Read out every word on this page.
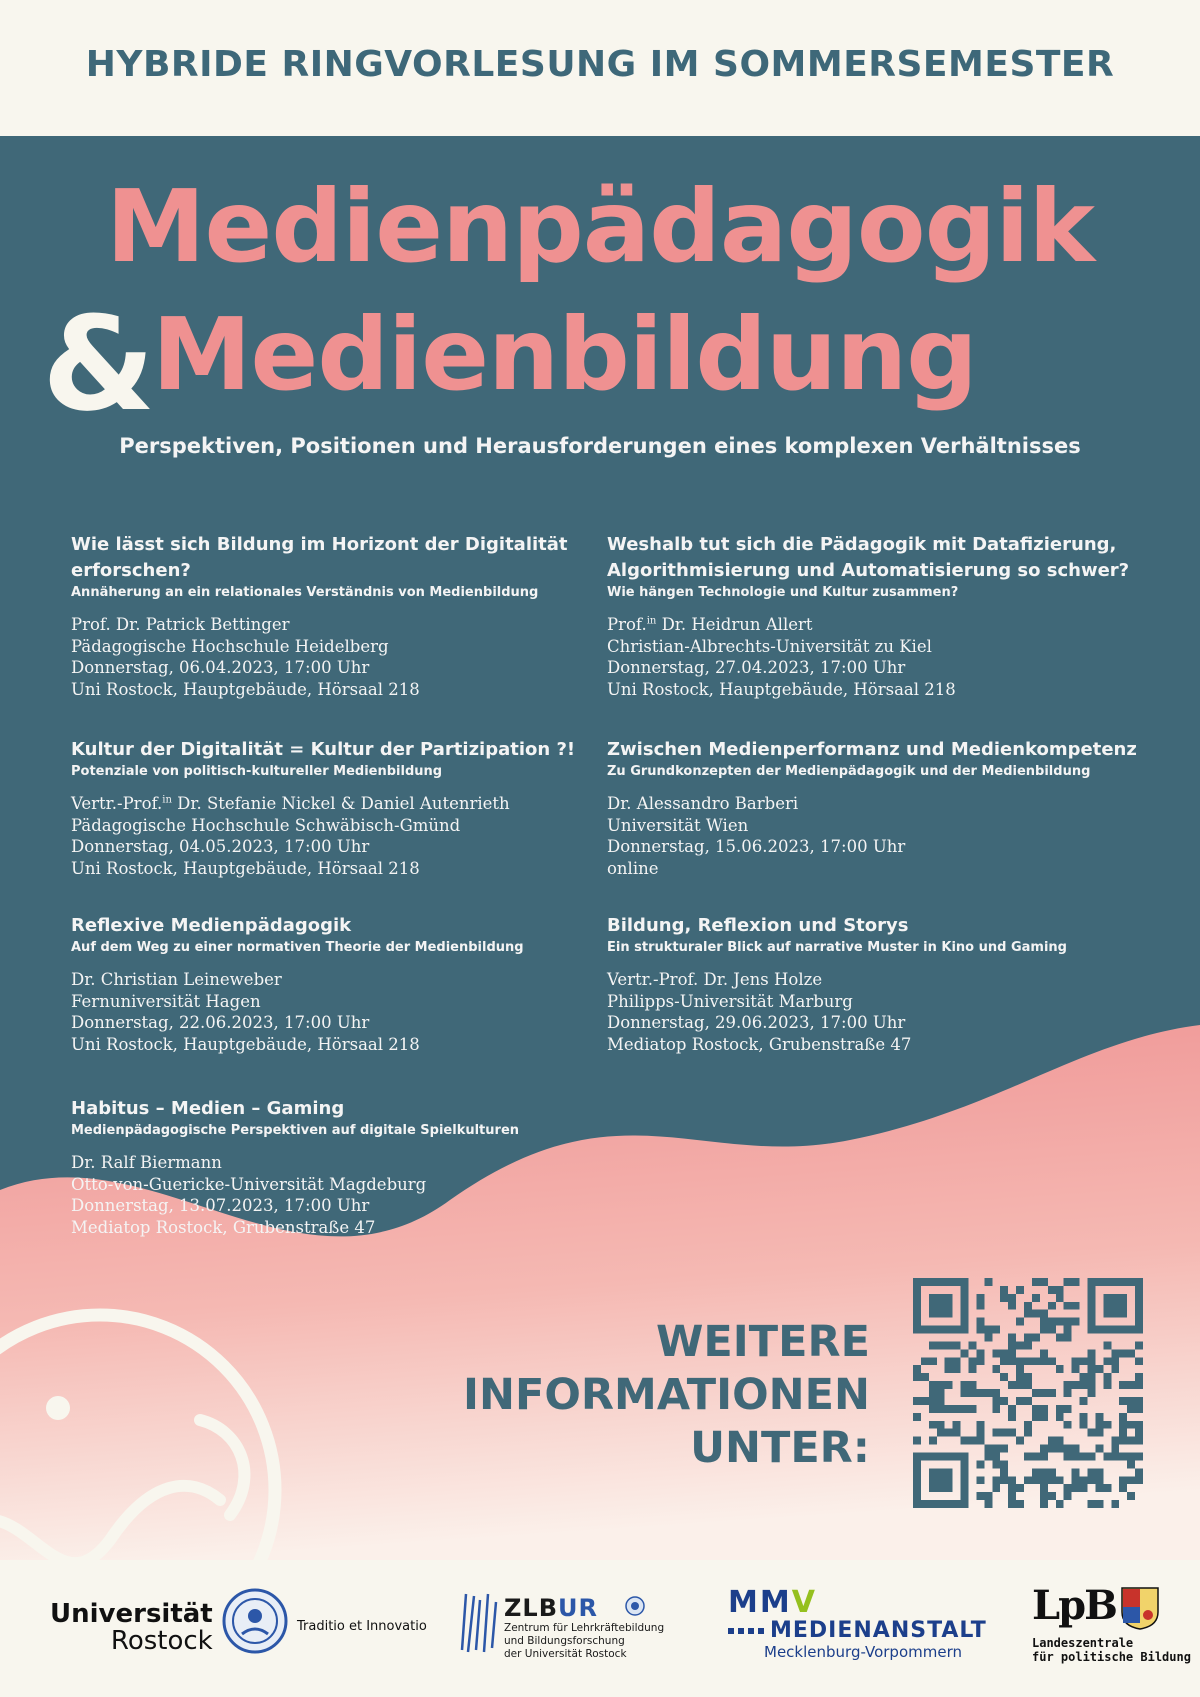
HYBRIDE RINGVORLESUNG IM SOMMERSEMESTER
Medienpädagogik
&
Medienbildung
Perspektiven, Positionen und Herausforderungen eines komplexen Verhältnisses
Wie lässt sich Bildung im Horizont der Digitalität
erforschen?
Annäherung an ein relationales Verständnis von Medienbildung
Prof. Dr. Patrick Bettinger
Pädagogische Hochschule Heidelberg
Donnerstag, 06.04.2023, 17:00 Uhr
Uni Rostock, Hauptgebäude, Hörsaal 218
Weshalb tut sich die Pädagogik mit Datafizierung,
Algorithmisierung und Automatisierung so schwer?
Wie hängen Technologie und Kultur zusammen?
Prof.$^{in}$ Dr. Heidrun Allert
Christian-Albrechts-Universität zu Kiel
Donnerstag, 27.04.2023, 17:00 Uhr
Uni Rostock, Hauptgebäude, Hörsaal 218
Kultur der Digitalität = Kultur der Partizipation ?!
Potenziale von politisch-kultureller Medienbildung
Vertr.-Prof.$^{in}$ Dr. Stefanie Nickel & Daniel Autenrieth
Pädagogische Hochschule Schwäbisch-Gmünd
Donnerstag, 04.05.2023, 17:00 Uhr
Uni Rostock, Hauptgebäude, Hörsaal 218
Zwischen Medienperformanz und Medienkompetenz
Zu Grundkonzepten der Medienpädagogik und der Medienbildung
Dr. Alessandro Barberi
Universität Wien
Donnerstag, 15.06.2023, 17:00 Uhr
online
Reflexive Medienpädagogik
Auf dem Weg zu einer normativen Theorie der Medienbildung
Dr. Christian Leineweber
Fernuniversität Hagen
Donnerstag, 22.06.2023, 17:00 Uhr
Uni Rostock, Hauptgebäude, Hörsaal 218
Bildung, Reflexion und Storys
Ein strukturaler Blick auf narrative Muster in Kino und Gaming
Vertr.-Prof. Dr. Jens Holze
Philipps-Universität Marburg
Donnerstag, 29.06.2023, 17:00 Uhr
Mediatop Rostock, Grubenstraße 47
Habitus – Medien – Gaming
Medienpädagogische Perspektiven auf digitale Spielkulturen
Dr. Ralf Biermann
Otto-von-Guericke-Universität Magdeburg
Donnerstag, 13.07.2023, 17:00 Uhr
Mediatop Rostock, Grubenstraße 47
WEITERE
INFORMATIONEN
UNTER:
Universität
Rostock	Traditio et Innovatio
ZLBUR
Zentrum für Lehrkräftebildung
und Bildungsforschung
der Universität Rostock
MMV
MEDIENANSTALT
Mecklenburg-Vorpommern
LpB
Landeszentrale
für politische Bildung
